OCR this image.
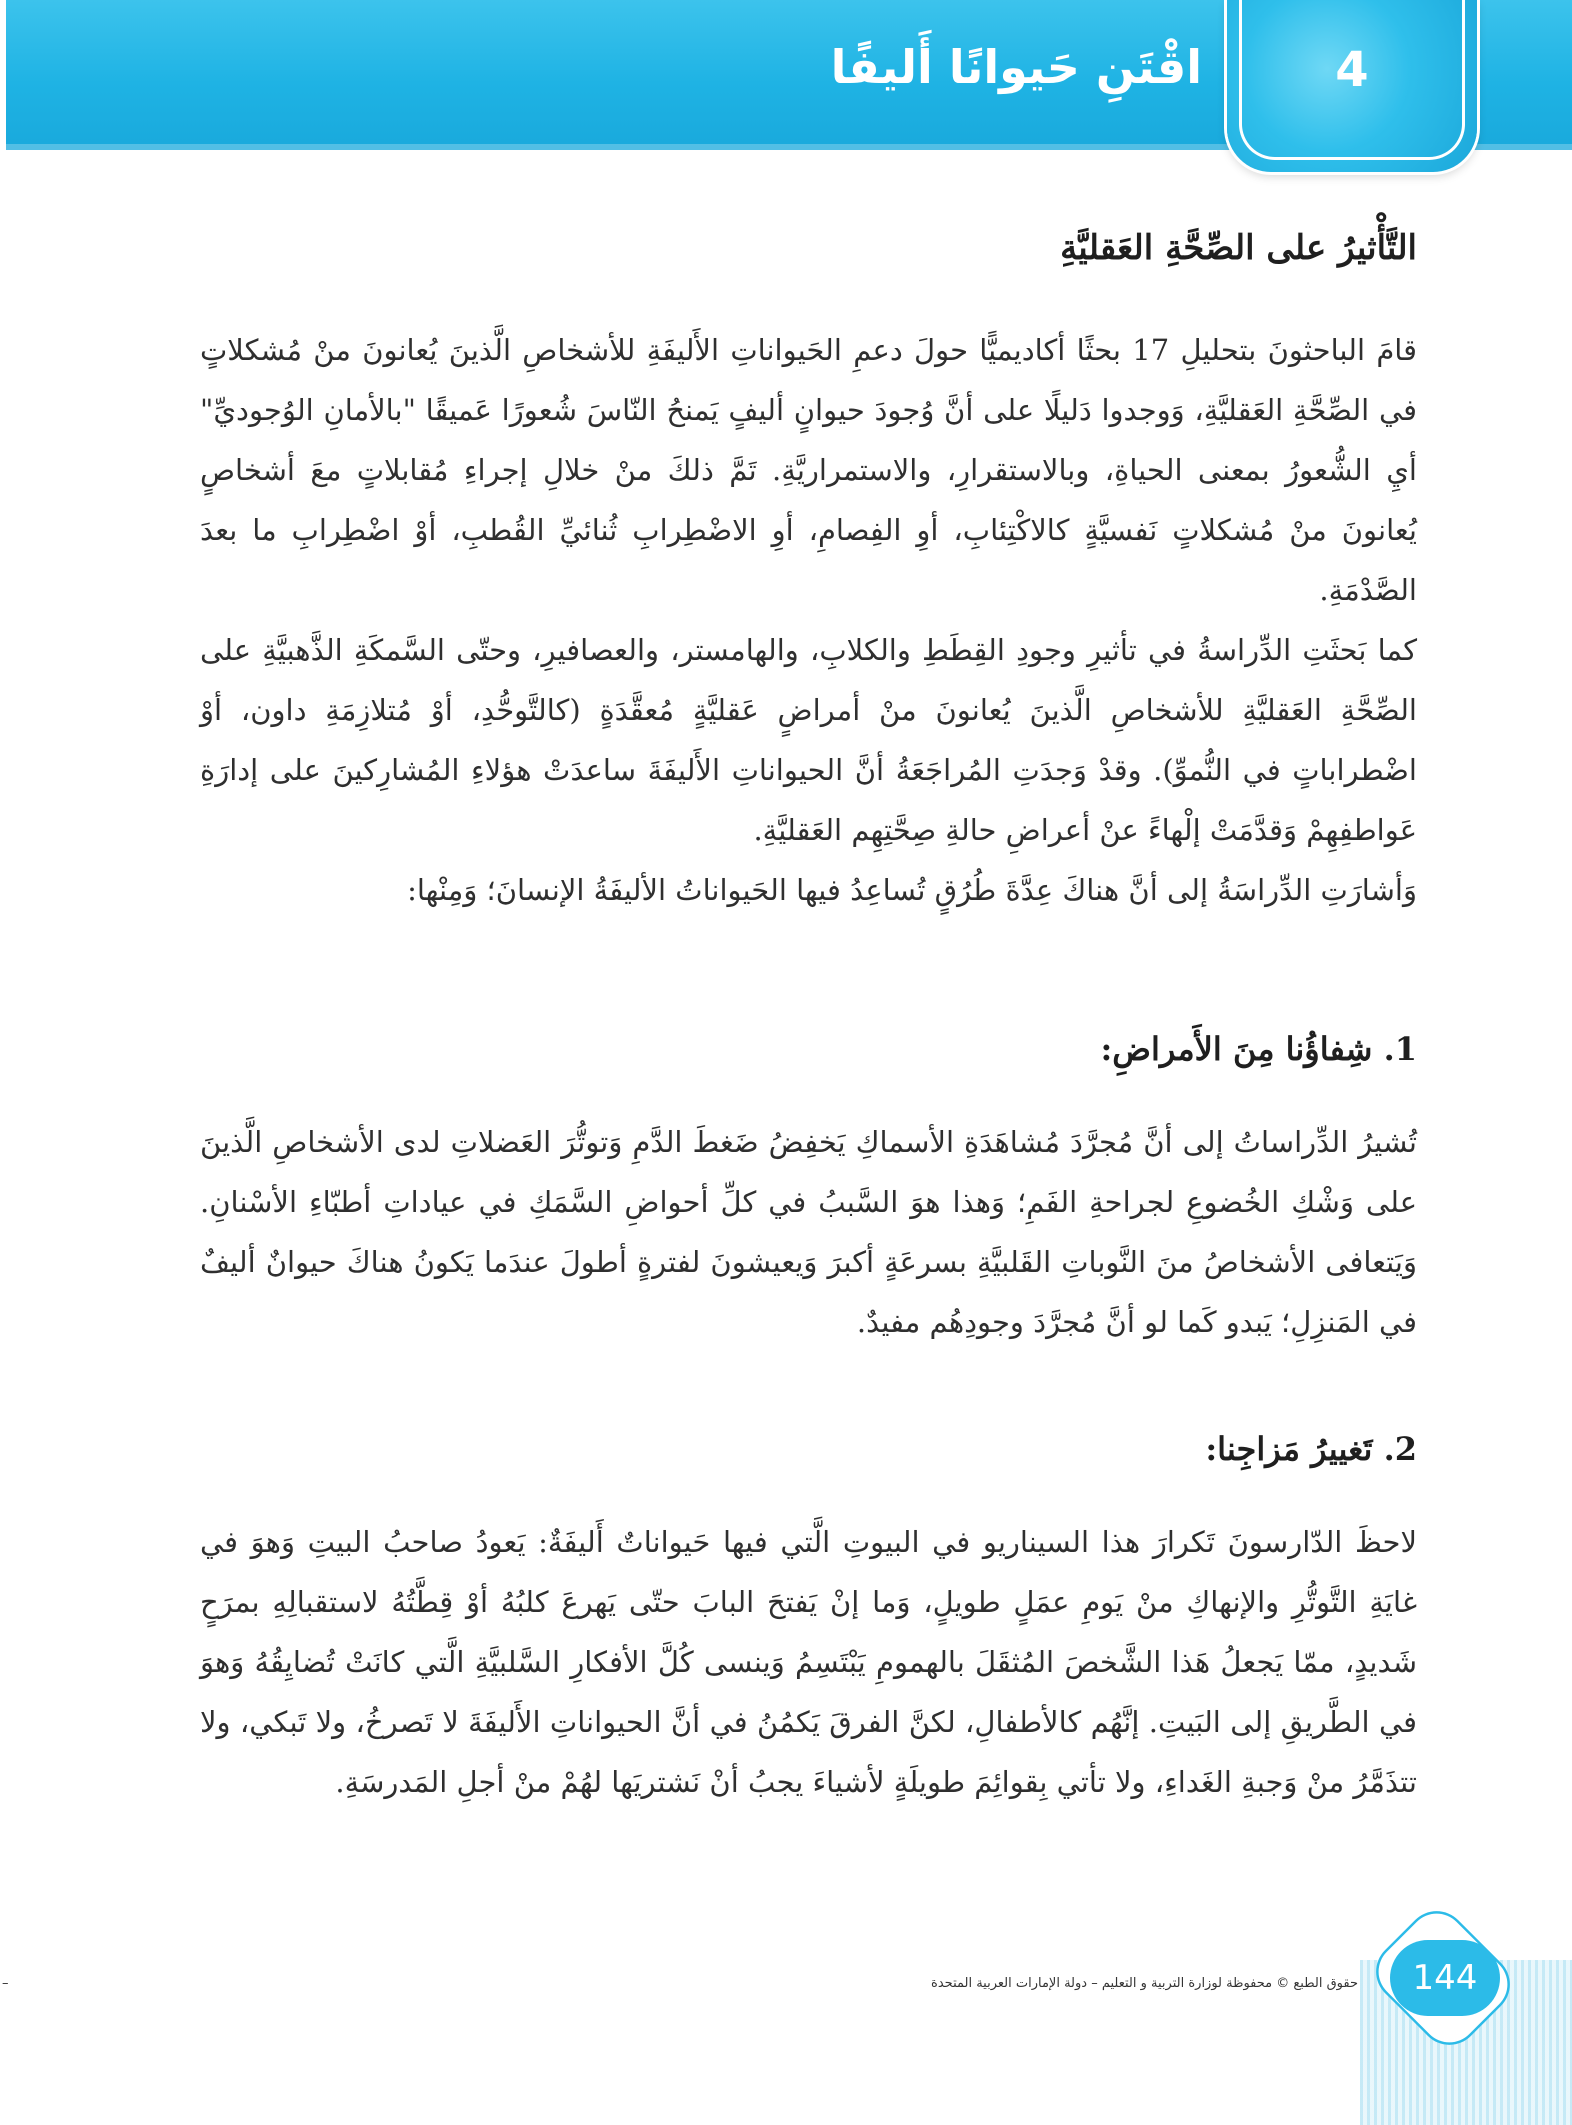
4
اقْتَنِ حَيوانًا أَليفًا
التَّأْثيرُ على الصِّحَّةِ العَقليَّةِ

قامَ الباحثونَ بتحليلِ 17 بحثًا أكاديميًّا حولَ دعمِ الحَيواناتِ الأَليفَةِ للأشخاصِ الَّذينَ يُعانونَ منْ مُشكلاتٍ في الصِّحَّةِ العَقليَّةِ، وَوجدوا دَليلًا على أنَّ وُجودَ حيوانٍ أليفٍ يَمنحُ النّاسَ شُعورًا عَميقًا "بالأمانِ الوُجوديِّ" أيِ الشُّعورُ بمعنى الحياةِ، وبالاستقرارِ، والاستمراريَّةِ. تَمَّ ذلكَ منْ خلالِ إجراءِ مُقابلاتٍ معَ أشخاصٍ يُعانونَ منْ مُشكلاتٍ نَفسيَّةٍ كالاكْتِئابِ، أوِ الفِصامِ، أوِ الاضْطِرابِ ثُنائيِّ القُطبِ، أوْ اضْطِرابِ ما بعدَ الصَّدْمَةِ.

كما بَحثَتِ الدِّراسةُ في تأثيرِ وجودِ القِطَطِ والكلابِ، والهامستر، والعصافيرِ، وحتّى السَّمكَةِ الذَّهبيَّةِ على الصِّحَّةِ العَقليَّةِ للأشخاصِ الَّذينَ يُعانونَ منْ أمراضٍ عَقليَّةٍ مُعقَّدَةٍ (كالتَّوحُّدِ، أوْ مُتلازِمَةِ داون، أوْ اضْطراباتٍ في النُّموِّ). وقدْ وَجدَتِ المُراجَعَةُ أنَّ الحيواناتِ الأَليفَةَ ساعدَتْ هؤلاءِ المُشارِكينَ على إدارَةِ عَواطفِهِمْ وَقدَّمَتْ إلْهاءً عنْ أعراضِ حالةِ صِحَّتِهِم العَقليَّةِ.

وَأشارَتِ الدِّراسَةُ إلى أنَّ هناكَ عِدَّةَ طُرُقٍ تُساعِدُ فيها الحَيواناتُ الأليفَةُ الإنسانَ؛ وَمِنْها:

1. شِفاؤُنا مِنَ الأَمراضِ:

تُشيرُ الدِّراساتُ إلى أنَّ مُجرَّدَ مُشاهَدَةِ الأسماكِ يَخفِضُ ضَغطَ الدَّمِ وَتوتُّرَ العَضلاتِ لدى الأشخاصِ الَّذينَ على وَشْكِ الخُضوعِ لجراحةِ الفَمِ؛ وَهذا هوَ السَّببُ في كلِّ أحواضِ السَّمَكِ في عياداتِ أطبّاءِ الأسْنانِ. وَيَتعافى الأشخاصُ منَ النَّوباتِ القَلبيَّةِ بسرعَةٍ أكبرَ وَيعيشونَ لفترةٍ أطولَ عندَما يَكونُ هناكَ حيوانٌ أليفٌ في المَنزِلِ؛ يَبدو كَما لو أنَّ مُجرَّدَ وجودِهُم مفيدٌ.

2. تَغييرُ مَزاجِنا:

لاحظَ الدّارسونَ تَكرارَ هذا السيناريو في البيوتِ الَّتي فيها حَيواناتٌ أَليفَةٌ: يَعودُ صاحبُ البيتِ وَهوَ في غايَةِ التَّوتُّرِ والإنهاكِ منْ يَومِ عمَلٍ طويلٍ، وَما إنْ يَفتحَ البابَ حتّى يَهرعَ كلبُهُ أوْ قِطَّتُهُ لاستقبالِهِ بمرَحٍ شَديدٍ، ممّا يَجعلُ هَذا الشَّخصَ المُثقَلَ بالهمومِ يَبْتَسِمُ وَينسى كُلَّ الأفكارِ السَّلبيَّةِ الَّتي كانَتْ تُضايِقُهُ وَهوَ في الطَّريقِ إلى البَيتِ. إنَّهُم كالأطفالِ، لكنَّ الفرقَ يَكمُنُ في أنَّ الحيواناتِ الأَليفَةَ لا تَصرخُ، ولا تَبكي، ولا تتذَمَّرُ منْ وَجبةِ الغَداءِ، ولا تأتي بِقوائِمَ طويلَةٍ لأشياءَ يجبُ أنْ نَشتريَها لهُمْ منْ أجلِ المَدرسَةِ.

144
حقوق الطبع © محفوظة لوزارة التربية و التعليم – دولة الإمارات العربية المتحدة
–
